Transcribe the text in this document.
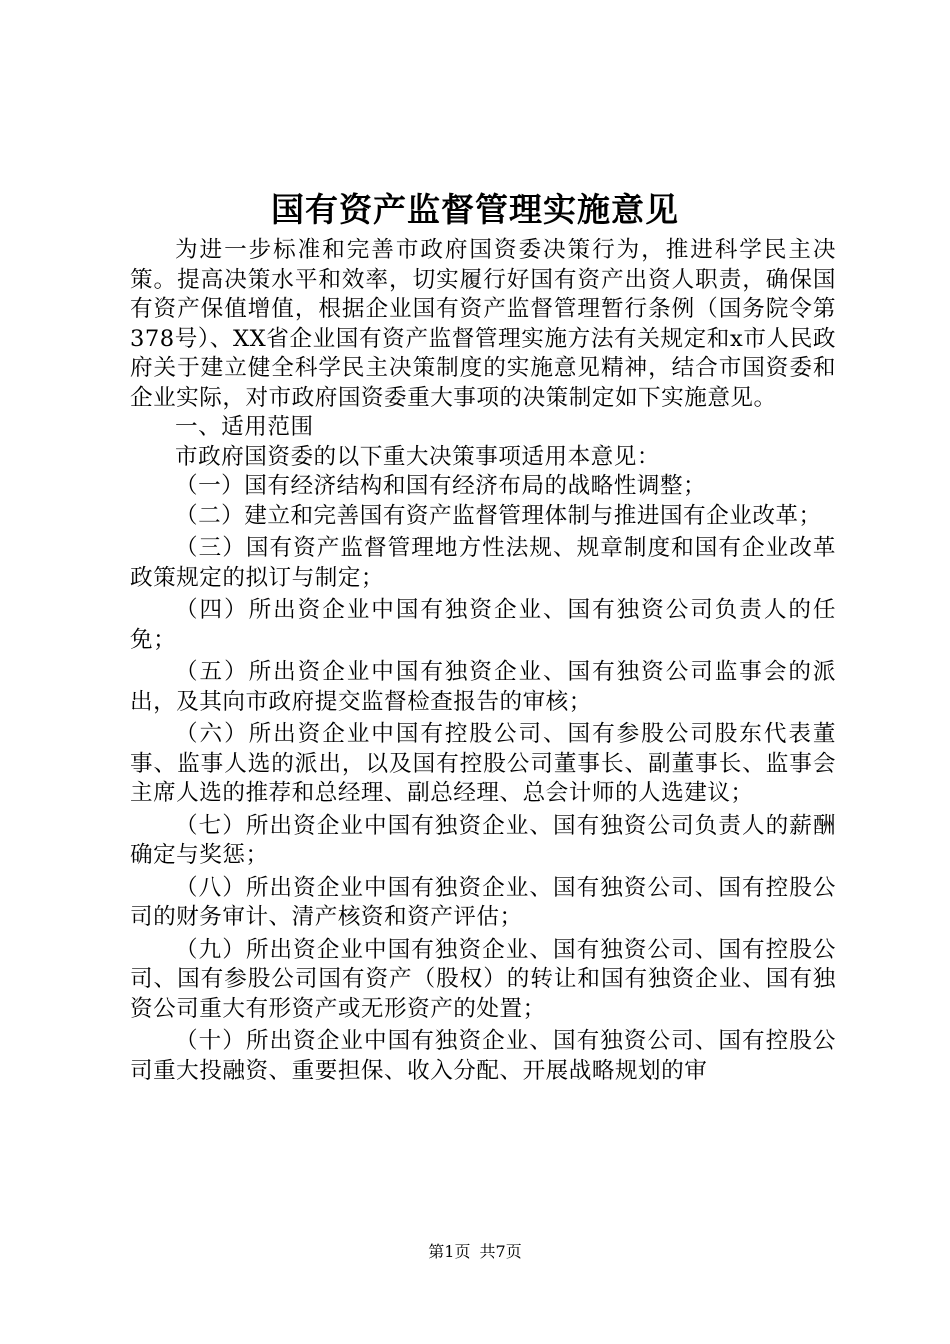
国有资产监督管理实施意见

为进一步标准和完善市政府国资委决策行为，推进科学民主决策。提高决策水平和效率，切实履行好国有资产出资人职责，确保国有资产保值增值，根据企业国有资产监督管理暂行条例（国务院令第378号）、XX省企业国有资产监督管理实施方法有关规定和x市人民政府关于建立健全科学民主决策制度的实施意见精神，结合市国资委和企业实际，对市政府国资委重大事项的决策制定如下实施意见。

一、适用范围

市政府国资委的以下重大决策事项适用本意见：

（一）国有经济结构和国有经济布局的战略性调整；

（二）建立和完善国有资产监督管理体制与推进国有企业改革；

（三）国有资产监督管理地方性法规、规章制度和国有企业改革政策规定的拟订与制定；

（四）所出资企业中国有独资企业、国有独资公司负责人的任免；

（五）所出资企业中国有独资企业、国有独资公司监事会的派出，及其向市政府提交监督检查报告的审核；

（六）所出资企业中国有控股公司、国有参股公司股东代表董事、监事人选的派出，以及国有控股公司董事长、副董事长、监事会主席人选的推荐和总经理、副总经理、总会计师的人选建议；

（七）所出资企业中国有独资企业、国有独资公司负责人的薪酬确定与奖惩；

（八）所出资企业中国有独资企业、国有独资公司、国有控股公司的财务审计、清产核资和资产评估；

（九）所出资企业中国有独资企业、国有独资公司、国有控股公司、国有参股公司国有资产（股权）的转让和国有独资企业、国有独资公司重大有形资产或无形资产的处置；

（十）所出资企业中国有独资企业、国有独资公司、国有控股公司重大投融资、重要担保、收入分配、开展战略规划的审

第1页 共7页
